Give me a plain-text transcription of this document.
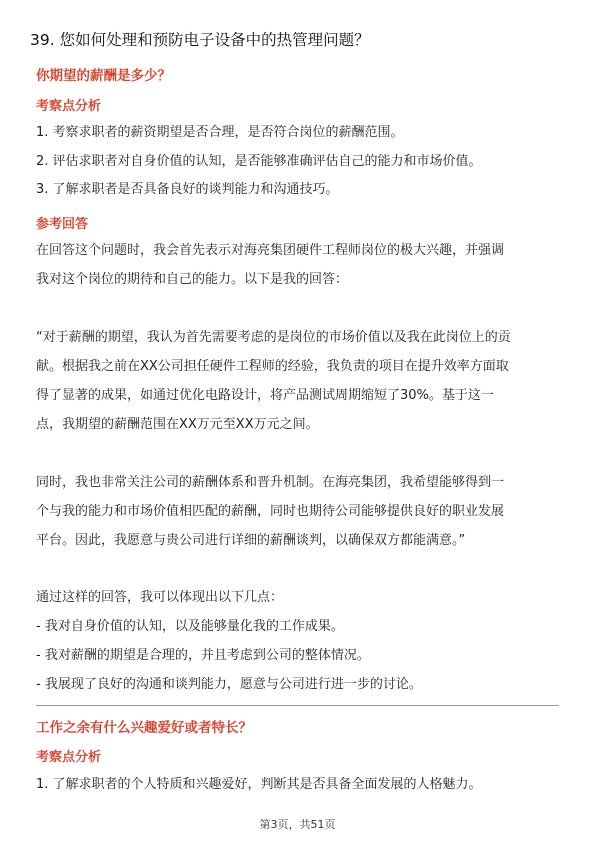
39. 您如何处理和预防电子设备中的热管理问题？
你期望的薪酬是多少？
考察点分析
1. 考察求职者的薪资期望是否合理，是否符合岗位的薪酬范围。
2. 评估求职者对自身价值的认知，是否能够准确评估自己的能力和市场价值。
3. 了解求职者是否具备良好的谈判能力和沟通技巧。
参考回答
在回答这个问题时，我会首先表示对海亮集团硬件工程师岗位的极大兴趣，并强调
我对这个岗位的期待和自己的能力。以下是我的回答：
“对于薪酬的期望，我认为首先需要考虑的是岗位的市场价值以及我在此岗位上的贡
献。根据我之前在XX公司担任硬件工程师的经验，我负责的项目在提升效率方面取
得了显著的成果，如通过优化电路设计，将产品测试周期缩短了30%。基于这一
点，我期望的薪酬范围在XX万元至XX万元之间。
同时，我也非常关注公司的薪酬体系和晋升机制。在海亮集团，我希望能够得到一
个与我的能力和市场价值相匹配的薪酬，同时也期待公司能够提供良好的职业发展
平台。因此，我愿意与贵公司进行详细的薪酬谈判，以确保双方都能满意。”
通过这样的回答，我可以体现出以下几点：
- 我对自身价值的认知，以及能够量化我的工作成果。
- 我对薪酬的期望是合理的，并且考虑到公司的整体情况。
- 我展现了良好的沟通和谈判能力，愿意与公司进行进一步的讨论。
工作之余有什么兴趣爱好或者特长？
考察点分析
1. 了解求职者的个人特质和兴趣爱好，判断其是否具备全面发展的人格魅力。
第3页，共51页
